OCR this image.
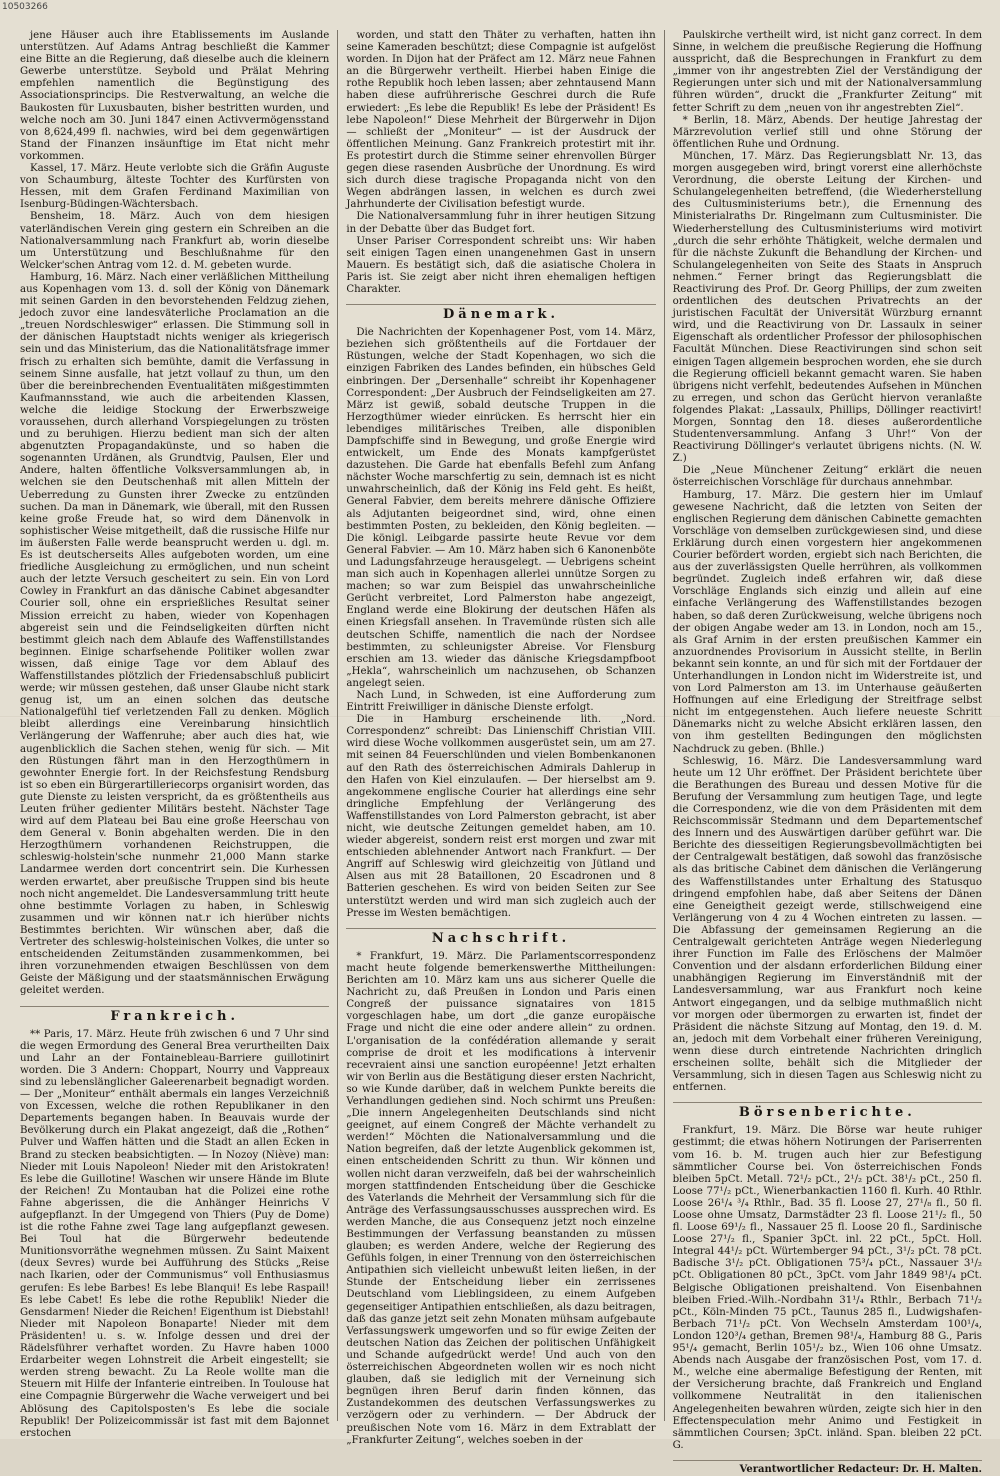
10503266

jene Häuser auch ihre Etablissements im Auslande unterstützen. Auf Adams Antrag beschließt die Kammer eine Bitte an die Regierung, daß dieselbe auch die kleinern Gewerbe unterstütze. Seybold und Prälat Mehring empfehlen namentlich die Begünstigung des Associationsprincips. Die Restverwaltung, an welche die Baukosten für Luxusbauten, bisher bestritten wurden, und welche noch am 30. Juni 1847 einen Activvermögensstand von 8,624,499 fl. nachwies, wird bei dem gegenwärtigen Stand der Finanzen insäunftige im Etat nicht mehr vorkommen.

Kassel, 17. März. Heute verlobte sich die Gräfin Auguste von Schaumburg, älteste Tochter des Kurfürsten von Hessen, mit dem Grafen Ferdinand Maximilian von Isenburg-Büdingen-Wächtersbach.

Bensheim, 18. März. Auch von dem hiesigen vaterländischen Verein ging gestern ein Schreiben an die Nationalversammlung nach Frankfurt ab, worin dieselbe um Unterstützung und Beschlußnahme für den Welcker'schen Antrag vom 12. d. M. gebeten wurde.

Hamburg, 16. März. Nach einer verläßlichen Mittheilung aus Kopenhagen vom 13. d. soll der König von Dänemark mit seinen Garden in den bevorstehenden Feldzug ziehen, jedoch zuvor eine landesväterliche Proclamation an die „treuen Nordschleswiger“ erlassen. Die Stimmung soll in der dänischen Hauptstadt nichts weniger als kriegerisch sein und das Ministerium, das die Nationalitätsfrage immer frisch zu erhalten sich bemühte, damit die Verfassung in seinem Sinne ausfalle, hat jetzt vollauf zu thun, um den über die bereinbrechenden Eventualitäten mißgestimmten Kaufmannsstand, wie auch die arbeitenden Klassen, welche die leidige Stockung der Erwerbszweige voraussehen, durch allerhand Vorspiegelungen zu trösten und zu beruhigen. Hierzu bedient man sich der alten abgenutzten Propagandakünste, und so haben die sogenannten Urdänen, als Grundtvig, Paulsen, Eler und Andere, halten öffentliche Volksversammlungen ab, in welchen sie den Deutschenhaß mit allen Mitteln der Ueberredung zu Gunsten ihrer Zwecke zu entzünden suchen. Da man in Dänemark, wie überall, mit den Russen keine große Freude hat, so wird dem Dänenvolk in sophistischer Weise mitgetheilt, daß die russische Hilfe nur im äußersten Falle werde beansprucht werden u. dgl. m. Es ist deutscherseits Alles aufgeboten worden, um eine friedliche Ausgleichung zu ermöglichen, und nun scheint auch der letzte Versuch gescheitert zu sein. Ein von Lord Cowley in Frankfurt an das dänische Cabinet abgesandter Courier soll, ohne ein ersprießliches Resultat seiner Mission erreicht zu haben, wieder von Kopenhagen abgereist sein und die Feindseligkeiten dürften nicht bestimmt gleich nach dem Ablaufe des Waffenstillstandes beginnen. Einige scharfsehende Politiker wollen zwar wissen, daß einige Tage vor dem Ablauf des Waffenstillstandes plötzlich der Friedensabschluß publicirt werde; wir müssen gestehen, daß unser Glaube nicht stark genug ist, um an einen solchen das deutsche Nationalgefühl tief verletzenden Fall zu denken. Möglich bleibt allerdings eine Vereinbarung hinsichtlich Verlängerung der Waffenruhe; aber auch dies hat, wie augenblicklich die Sachen stehen, wenig für sich. — Mit den Rüstungen fährt man in den Herzogthümern in gewohnter Energie fort. In der Reichsfestung Rendsburg ist so eben ein Bürgerartilleriecorps organisirt worden, das gute Dienste zu leisten verspricht, da es größtentheils aus Leuten früher gedienter Militärs besteht. Nächster Tage wird auf dem Plateau bei Bau eine große Heerschau von dem General v. Bonin abgehalten werden. Die in den Herzogthümern vorhandenen Reichstruppen, die schleswig-holstein'sche nunmehr 21,000 Mann starke Landarmee werden dort concentrirt sein. Die Kurhessen werden erwartet, aber preußische Truppen sind bis heute noch nicht angemeldet. Die Landesversammlung tritt heute ohne bestimmte Vorlagen zu haben, in Schleswig zusammen und wir können nat.r ich hierüber nichts Bestimmtes berichten. Wir wünschen aber, daß die Vertreter des schleswig-holsteinischen Volkes, die unter so entscheidenden Zeitumständen zusammenkommen, bei ihren vorzunehmenden etwaigen Beschlüssen von dem Geiste der Mäßigung und der staatsmännischen Erwägung geleitet werden.

Frankreich.

** Paris, 17. März. Heute früh zwischen 6 und 7 Uhr sind die wegen Ermordung des General Brea verurtheilten Daix und Lahr an der Fontainebleau-Barriere guillotinirt worden. Die 3 Andern: Choppart, Nourry und Vappreaux sind zu lebenslänglicher Galeerenarbeit begnadigt worden. — Der „Moniteur“ enthält abermals ein langes Verzeichniß von Excessen, welche die rothen Republikaner in den Departements begangen haben. In Beauvais wurde der Bevölkerung durch ein Plakat angezeigt, daß die „Rothen“ Pulver und Waffen hätten und die Stadt an allen Ecken in Brand zu stecken beabsichtigten. — In Nozoy (Niève) man: Nieder mit Louis Napoleon! Nieder mit den Aristokraten! Es lebe die Guillotine! Waschen wir unsere Hände im Blute der Reichen! Zu Montauban hat die Polizei eine rothe Fahne abgerissen, die die Anhänger Heinrichs V aufgepflanzt. In der Umgegend von Thiers (Puy de Dome) ist die rothe Fahne zwei Tage lang aufgepflanzt gewesen. Bei Toul hat die Bürgerwehr bedeutende Munitionsvorräthe wegnehmen müssen. Zu Saint Maixent (deux Sevres) wurde bei Aufführung des Stücks „Reise nach Ikarien, oder der Communismus“ voll Enthusiasmus gerufen: Es lebe Barbes! Es lebe Blanqui! Es lebe Raspail! Es lebe Cabet! Es lebe die rothe Republik! Nieder die Gensdarmen! Nieder die Reichen! Eigenthum ist Diebstahl! Nieder mit Napoleon Bonaparte! Nieder mit dem Präsidenten! u. s. w. Infolge dessen und drei der Rädelsführer verhaftet worden. Zu Havre haben 1000 Erdarbeiter wegen Lohnstreit die Arbeit eingestellt; sie werden streng bewacht. Zu La Reole wollte man die Steuern mit Hilfe der Infanterie eintreiben. In Toulouse hat eine Compagnie Bürgerwehr die Wache verweigert und bei Ablösung des Capitolsposten's Es lebe die sociale Republik! Der Polizeicommissär ist fast mit dem Bajonnet erstochen

worden, und statt den Thäter zu verhaften, hatten ihn seine Kameraden beschützt; diese Compagnie ist aufgelöst worden. In Dijon hat der Präfect am 12. März neue Fahnen an die Bürgerwehr vertheilt. Hierbei haben Einige die rothe Republik hoch leben lassen; aber zehntausend Mann haben diese aufrührerische Geschrei durch die Rufe erwiedert: „Es lebe die Republik! Es lebe der Präsident! Es lebe Napoleon!“ Diese Mehrheit der Bürgerwehr in Dijon — schließt der „Moniteur“ — ist der Ausdruck der öffentlichen Meinung. Ganz Frankreich protestirt mit ihr. Es protestirt durch die Stimme seiner ehrenvollen Bürger gegen diese rasenden Ausbrüche der Unordnung. Es wird sich durch diese tragische Propaganda nicht von den Wegen abdrängen lassen, in welchen es durch zwei Jahrhunderte der Civilisation befestigt wurde.

Die Nationalversammlung fuhr in ihrer heutigen Sitzung in der Debatte über das Budget fort.

Unser Pariser Correspondent schreibt uns: Wir haben seit einigen Tagen einen unangenehmen Gast in unsern Mauern. Es bestätigt sich, daß die asiatische Cholera in Paris ist. Sie zeigt aber nicht ihren ehemaligen heftigen Charakter.

Dänemark.

Die Nachrichten der Kopenhagener Post, vom 14. März, beziehen sich größtentheils auf die Fortdauer der Rüstungen, welche der Stadt Kopenhagen, wo sich die einzigen Fabriken des Landes befinden, ein hübsches Geld einbringen. Der „Dersenhalle“ schreibt ihr Kopenhagener Correspondent: „Der Ausbruch der Feindseligkeiten am 27. März ist gewiß, sobald deutsche Truppen in die Herzogthümer wieder einrücken. Es herrscht hier ein lebendiges militärisches Treiben, alle disponiblen Dampfschiffe sind in Bewegung, und große Energie wird entwickelt, um Ende des Monats kampfgerüstet dazustehen. Die Garde hat ebenfalls Befehl zum Anfang nächster Woche marschfertig zu sein, demnach ist es nicht unwahrscheinlich, daß der König ins Feld geht. Es heißt, General Fabvier, dem bereits mehrere dänische Offiziere als Adjutanten beigeordnet sind, wird, ohne einen bestimmten Posten, zu bekleiden, den König begleiten. — Die königl. Leibgarde passirte heute Revue vor dem General Fabvier. — Am 10. März haben sich 6 Kanonenböte und Ladungsfahrzeuge herausgelegt. — Uebrigens scheint man sich auch in Kopenhagen allerlei unnütze Sorgen zu machen; so war zum Beispiel das unwahrscheinliche Gerücht verbreitet, Lord Palmerston habe angezeigt, England werde eine Blokirung der deutschen Häfen als einen Kriegsfall ansehen. In Travemünde rüsten sich alle deutschen Schiffe, namentlich die nach der Nordsee bestimmten, zu schleunigster Abreise. Vor Flensburg erschien am 13. wieder das dänische Kriegsdampfboot „Hekla“, wahrscheinlich um nachzusehen, ob Schanzen angelegt seien.

Nach Lund, in Schweden, ist eine Aufforderung zum Eintritt Freiwilliger in dänische Dienste erfolgt.

Die in Hamburg erscheinende lith. „Nord. Correspondenz“ schreibt: Das Linienschiff Christian VIII. wird diese Woche vollkommen ausgerüstet sein, um am 27. mit seinen 84 Feuerschlünden und vielen Bombenkanonen auf den Rath des österreichischen Admirals Dahlerup in den Hafen von Kiel einzulaufen. — Der hierselbst am 9. angekommene englische Courier hat allerdings eine sehr dringliche Empfehlung der Verlängerung des Waffenstillstandes von Lord Palmerston gebracht, ist aber nicht, wie deutsche Zeitungen gemeldet haben, am 10. wieder abgereist, sondern reist erst morgen und zwar mit entschieden ablehnender Antwort nach Frankfurt. — Der Angriff auf Schleswig wird gleichzeitig von Jütland und Alsen aus mit 28 Bataillonen, 20 Escadronen und 8 Batterien geschehen. Es wird von beiden Seiten zur See unterstützt werden und wird man sich zugleich auch der Presse im Westen bemächtigen.

Nachschrift.

* Frankfurt, 19. März. Die Parlamentscorrespondenz macht heute folgende bemerkenswerthe Mittheilungen: Berichten am 10. März kam uns aus sicherer Quelle die Nachricht zu, daß Preußen in London und Paris einen Congreß der puissance signataires von 1815 vorgeschlagen habe, um dort „die ganze europäische Frage und nicht die eine oder andere allein“ zu ordnen. L'organisation de la confédération allemande y serait comprise de droit et les modifications à intervenir recevraient ainsi une sanction européenne! Jetzt erhalten wir von Berlin aus die Bestätigung dieser ersten Nachricht, so wie Kunde darüber, daß in welchem Punkte bereits die Verhandlungen gediehen sind. Noch schirmt uns Preußen: „Die innern Angelegenheiten Deutschlands sind nicht geeignet, auf einem Congreß der Mächte verhandelt zu werden!“ Möchten die Nationalversammlung und die Nation begreifen, daß der letzte Augenblick gekommen ist, einen entscheidenden Schritt zu thun. Wir können und wollen nicht daran verzweifeln, daß bei der wahrscheinlich morgen stattfindenden Entscheidung über die Geschicke des Vaterlands die Mehrheit der Versammlung sich für die Anträge des Verfassungsausschusses aussprechen wird. Es werden Manche, die aus Consequenz jetzt noch einzelne Bestimmungen der Verfassung beanstanden zu müssen glauben; es werden Andere, welche der Regierung des Gefühls folgen, in einer Trennung von den österreichischen Antipathien sich vielleicht unbewußt leiten ließen, in der Stunde der Entscheidung lieber ein zerrissenes Deutschland vom Lieblingsideen, zu einem Aufgeben gegenseitiger Antipathien entschließen, als dazu beitragen, daß das ganze jetzt seit zehn Monaten mühsam aufgebaute Verfassungswerk umgeworfen und so für ewige Zeiten der deutschen Nation das Zeichen der politischen Unfähigkeit und Schande aufgedrückt werde! Und auch von den österreichischen Abgeordneten wollen wir es noch nicht glauben, daß sie lediglich mit der Verneinung sich begnügen ihren Beruf darin finden können, das Zustandekommen des deutschen Verfassungswerkes zu verzögern oder zu verhindern. — Der Abdruck der preußischen Note vom 16. März in dem Extrablatt der „Frankfurter Zeitung“, welches soeben in der

Paulskirche vertheilt wird, ist nicht ganz correct. In dem Sinne, in welchem die preußische Regierung die Hoffnung ausspricht, daß die Besprechungen in Frankfurt zu dem „immer von ihr angestrebten Ziel der Verständigung der Regierungen unter sich und mit der Nationalversammlung führen würden“, druckt die „Frankfurter Zeitung“ mit fetter Schrift zu dem „neuen von ihr angestrebten Ziel“.

* Berlin, 18. März, Abends. Der heutige Jahrestag der Märzrevolution verlief still und ohne Störung der öffentlichen Ruhe und Ordnung.

München, 17. März. Das Regierungsblatt Nr. 13, das morgen ausgegeben wird, bringt vorerst eine allerhöchste Verordnung, die oberste Leitung der Kirchen- und Schulangelegenheiten betreffend, (die Wiederherstellung des Cultusministeriums betr.), die Ernennung des Ministerialraths Dr. Ringelmann zum Cultusminister. Die Wiederherstellung des Cultusministeriums wird motivirt „durch die sehr erhöhte Thätigkeit, welche dermalen und für die nächste Zukunft die Behandlung der Kirchen- und Schulangelegenheiten von Seite des Staats in Anspruch nehmen.“ Ferner bringt das Regierungsblatt die Reactivirung des Prof. Dr. Georg Phillips, der zum zweiten ordentlichen des deutschen Privatrechts an der juristischen Facultät der Universität Würzburg ernannt wird, und die Reactivirung von Dr. Lassaulx in seiner Eigenschaft als ordentlicher Professor der philosophischen Facultät München. Diese Reactivirungen sind schon seit einigen Tagen allgemein besprochen worden, ehe sie durch die Regierung officiell bekannt gemacht waren. Sie haben übrigens nicht verfehlt, bedeutendes Aufsehen in München zu erregen, und schon das Gerücht hiervon veranlaßte folgendes Plakat: „Lassaulx, Phillips, Döllinger reactivirt! Morgen, Sonntag den 18. dieses außerordentliche Studentenversammlung. Anfang 3 Uhr!“ Von der Reactivirung Döllinger's verlautet übrigens nichts. (N. W. Z.)

Die „Neue Münchener Zeitung“ erklärt die neuen österreichischen Vorschläge für durchaus annehmbar.

Hamburg, 17. März. Die gestern hier im Umlauf gewesene Nachricht, daß die letzten von Seiten der englischen Regierung dem dänischen Cabinette gemachten Vorschläge von demselben zurückgewiesen sind, und diese Erklärung durch einen vorgestern hier angekommenen Courier befördert worden, ergiebt sich nach Berichten, die aus der zuverlässigsten Quelle herrühren, als vollkommen begründet. Zugleich indeß erfahren wir, daß diese Vorschläge Englands sich einzig und allein auf eine einfache Verlängerung des Waffenstillstandes bezogen haben, so daß deren Zurückweisung, welche übrigens noch der obigen Angabe weder am 13. in London, noch am 15., als Graf Arnim in der ersten preußischen Kammer ein anzuordnendes Provisorium in Aussicht stellte, in Berlin bekannt sein konnte, an und für sich mit der Fortdauer der Unterhandlungen in London nicht im Widerstreite ist, und von Lord Palmerston am 13. im Unterhause geäußerten Hoffnungen auf eine Erledigung der Streitfrage selbst nicht im entgegenstehen. Auch liefere neueste Schritt Dänemarks nicht zu welche Absicht erklären lassen, den von ihm gestellten Bedingungen den möglichsten Nachdruck zu geben. (Bhlle.)

Schleswig, 16. März. Die Landesversammlung ward heute um 12 Uhr eröffnet. Der Präsident berichtete über die Berathungen des Bureau und dessen Motive für die Berufung der Versammlung zum heutigen Tage, und legte die Correspondenz, wie die von dem Präsidenten mit dem Reichscommissär Stedmann und dem Departementschef des Innern und des Auswärtigen darüber geführt war. Die Berichte des diesseitigen Regierungsbevollmächtigten bei der Centralgewalt bestätigen, daß sowohl das französische als das britische Cabinet dem dänischen die Verlängerung des Waffenstillstandes unter Erhaltung des Statusquo dringend empfohlen habe, daß aber Seitens der Dänen eine Geneigtheit gezeigt werde, stillschweigend eine Verlängerung von 4 zu 4 Wochen eintreten zu lassen. — Die Abfassung der gemeinsamen Regierung an die Centralgewalt gerichteten Anträge wegen Niederlegung ihrer Function im Falle des Erlöschens der Malmöer Convention und der alsdann erforderlichen Bildung einer unabhängigen Regierung im Einverständniß mit der Landesversammlung, war aus Frankfurt noch keine Antwort eingegangen, und da selbige muthmaßlich nicht vor morgen oder übermorgen zu erwarten ist, findet der Präsident die nächste Sitzung auf Montag, den 19. d. M. an, jedoch mit dem Vorbehalt einer früheren Vereinigung, wenn diese durch eintretende Nachrichten dringlich erscheinen sollte, behält sich die Mitglieder der Versammlung, sich in diesen Tagen aus Schleswig nicht zu entfernen.

Börsenberichte.

Frankfurt, 19. März. Die Börse war heute ruhiger gestimmt; die etwas höhern Notirungen der Pariserrenten vom 16. b. M. trugen auch hier zur Befestigung sämmtlicher Course bei. Von österreichischen Fonds bleiben 5pCt. Metall. 72¹/₂ pCt., 2¹/₂ pCt. 38¹/₂ pCt., 250 fl. Loose 77¹/₂ pCt., Wienerbankactien 1160 fl. Kurh. 40 Rthlr. Loose 26¹/₄ ³/₄ Rthlr., Bad. 35 fl. Loose 27, 27¹/₈ fl., 50 fl. Loose ohne Umsatz, Darmstädter 23 fl. Loose 21¹/₂ fl., 50 fl. Loose 69¹/₂ fl., Nassauer 25 fl. Loose 20 fl., Sardinische Loose 27¹/₂ fl., Spanier 3pCt. inl. 22 pCt., 5pCt. Holl. Integral 44¹/₂ pCt. Würtemberger 94 pCt., 3¹/₂ pCt. 78 pCt. Badische 3¹/₂ pCt. Obligationen 75³/₄ pCt., Nassauer 3¹/₂ pCt. Obligationen 80 pCt., 3pCt. vom Jahr 1849 98¹/₄ pCt. Belgische Obligationen preishaltend. Von Eisenbahnen bleiben Fried.-Wilh.-Nordbahn 31¹/₄ Rthlr., Berbach 71¹/₂ pCt., Köln-Minden 75 pCt., Taunus 285 fl., Ludwigshafen-Berbach 71¹/₂ pCt. Von Wechseln Amsterdam 100¹/₄, London 120³/₄ gethan, Bremen 98¹/₄, Hamburg 88 G., Paris 95¹/₄ gemacht, Berlin 105¹/₂ bz., Wien 106 ohne Umsatz. Abends nach Ausgabe der französischen Post, vom 17. d. M., welche eine abermalige Befestigung der Renten, mit der Versicherung brachte, daß Frankreich und England vollkommene Neutralität in den italienischen Angelegenheiten bewahren würden, zeigte sich hier in den Effectenspeculation mehr Animo und Festigkeit in sämmtlichen Coursen; 3pCt. inländ. Span. bleiben 22 pCt. G.

Verantwortlicher Redacteur: Dr. H. Malten.
